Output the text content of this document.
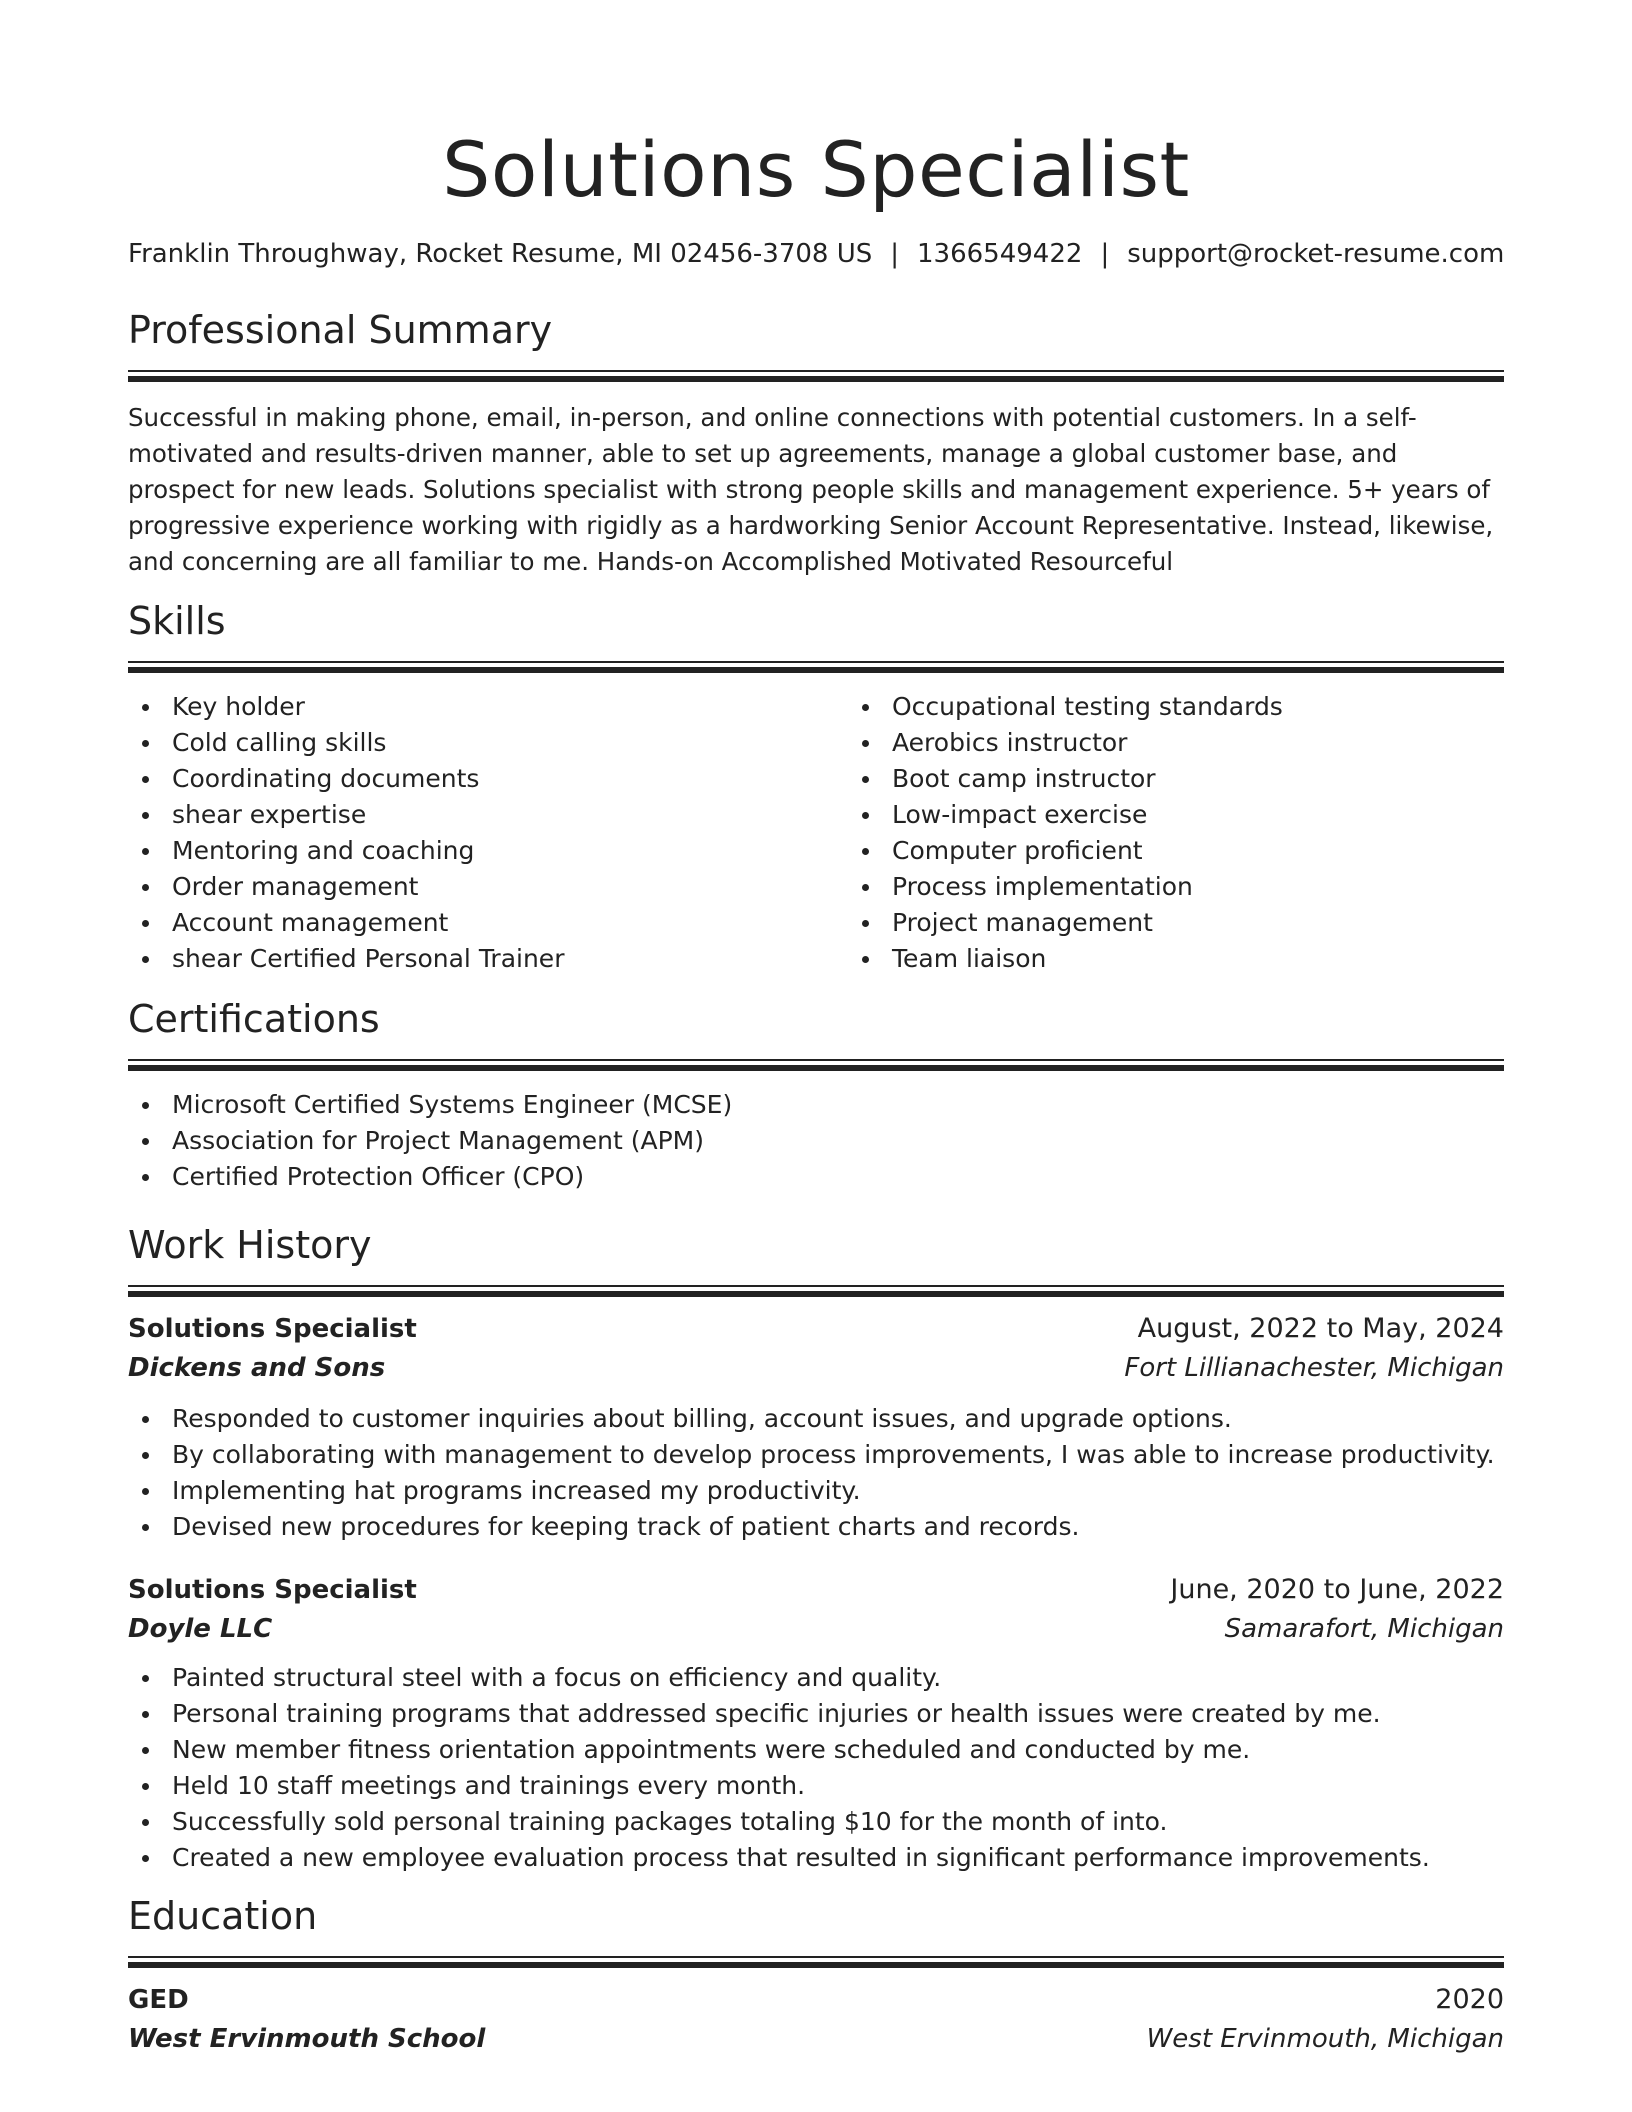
Solutions Specialist
Franklin Throughway, Rocket Resume, MI 02456-3708 US | 1366549422 | support@rocket-resume.com
Professional Summary

Successful in making phone, email, in-person, and online connections with potential customers. In a self-motivated and results-driven manner, able to set up agreements, manage a global customer base, and prospect for new leads. Solutions specialist with strong people skills and management experience. 5+ years of progressive experience working with rigidly as a hardworking Senior Account Representative. Instead, likewise, and concerning are all familiar to me. Hands-on Accomplished Motivated Resourceful

Skills
Key holder
Cold calling skills
Coordinating documents
shear expertise
Mentoring and coaching
Order management
Account management
shear Certified Personal Trainer
Occupational testing standards
Aerobics instructor
Boot camp instructor
Low-impact exercise
Computer proficient
Process implementation
Project management
Team liaison
Certifications
Microsoft Certified Systems Engineer (MCSE)
Association for Project Management (APM)
Certified Protection Officer (CPO)
Work History
Solutions Specialist	August, 2022 to May, 2024
Dickens and Sons	Fort Lillianachester, Michigan
Responded to customer inquiries about billing, account issues, and upgrade options.
By collaborating with management to develop process improvements, I was able to increase productivity.
Implementing hat programs increased my productivity.
Devised new procedures for keeping track of patient charts and records.
Solutions Specialist	June, 2020 to June, 2022
Doyle LLC	Samarafort, Michigan
Painted structural steel with a focus on efficiency and quality.
Personal training programs that addressed specific injuries or health issues were created by me.
New member fitness orientation appointments were scheduled and conducted by me.
Held 10 staff meetings and trainings every month.
Successfully sold personal training packages totaling $10 for the month of into.
Created a new employee evaluation process that resulted in significant performance improvements.
Education
GED	2020
West Ervinmouth School	West Ervinmouth, Michigan
